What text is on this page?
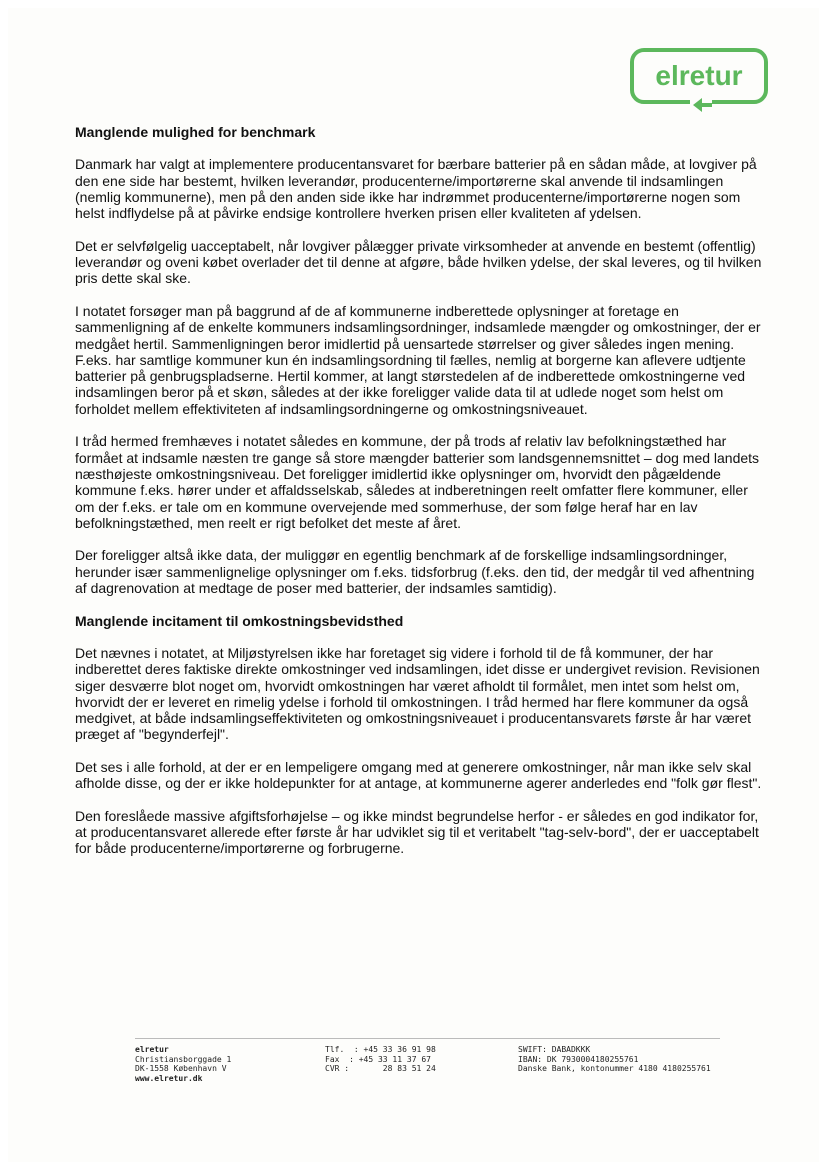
elretur
Manglende mulighed for benchmark

Danmark har valgt at implementere producentansvaret for bærbare batterier på en sådan måde, at lovgiver på den ene side har bestemt, hvilken leverandør, producenterne/importørerne skal anvende til indsamlingen (nemlig kommunerne), men på den anden side ikke har indrømmet producenterne/importørerne nogen som helst indflydelse på at påvirke endsige kontrollere hverken prisen eller kvaliteten af ydelsen.

Det er selvfølgelig uacceptabelt, når lovgiver pålægger private virksomheder at anvende en bestemt (offentlig) leverandør og oveni købet overlader det til denne at afgøre, både hvilken ydelse, der skal leveres, og til hvilken pris dette skal ske.

I notatet forsøger man på baggrund af de af kommunerne indberettede oplysninger at foretage en sammenligning af de enkelte kommuners indsamlingsordninger, indsamlede mængder og omkostninger, der er medgået hertil. Sammenligningen beror imidlertid på uensartede størrelser og giver således ingen mening. F.eks. har samtlige kommuner kun én indsamlingsordning til fælles, nemlig at borgerne kan aflevere udtjente batterier på genbrugspladserne. Hertil kommer, at langt størstedelen af de indberettede omkostningerne ved indsamlingen beror på et skøn, således at der ikke foreligger valide data til at udlede noget som helst om forholdet mellem effektiviteten af indsamlingsordningerne og omkostningsniveauet.

I tråd hermed fremhæves i notatet således en kommune, der på trods af relativ lav befolkningstæthed har formået at indsamle næsten tre gange så store mængder batterier som landsgennemsnittet – dog med landets næsthøjeste omkostningsniveau. Det foreligger imidlertid ikke oplysninger om, hvorvidt den pågældende kommune f.eks. hører under et affaldsselskab, således at indberetningen reelt omfatter flere kommuner, eller om der f.eks. er tale om en kommune overvejende med sommerhuse, der som følge heraf har en lav befolkningstæthed, men reelt er rigt befolket det meste af året.

Der foreligger altså ikke data, der muliggør en egentlig benchmark af de forskellige indsamlingsordninger, herunder især sammenlignelige oplysninger om f.eks. tidsforbrug (f.eks. den tid, der medgår til ved afhentning af dagrenovation at medtage de poser med batterier, der indsamles samtidig).

Manglende incitament til omkostningsbevidsthed

Det nævnes i notatet, at Miljøstyrelsen ikke har foretaget sig videre i forhold til de få kommuner, der har indberettet deres faktiske direkte omkostninger ved indsamlingen, idet disse er undergivet revision. Revisionen siger desværre blot noget om, hvorvidt omkostningen har været afholdt til formålet, men intet som helst om, hvorvidt der er leveret en rimelig ydelse i forhold til omkostningen. I tråd hermed har flere kommuner da også medgivet, at både indsamlingseffektiviteten og omkostningsniveauet i producentansvarets første år har været præget af "begynderfejl".

Det ses i alle forhold, at der er en lempeligere omgang med at generere omkostninger, når man ikke selv skal afholde disse, og der er ikke holdepunkter for at antage, at kommunerne agerer anderledes end "folk gør flest".

Den foreslåede massive afgiftsforhøjelse – og ikke mindst begrundelse herfor - er således en god indikator for, at producentansvaret allerede efter første år har udviklet sig til et veritabelt "tag-selv-bord", der er uacceptabelt for både producenterne/importørerne og forbrugerne.

elretur
Christiansborggade 1
DK-1558 København V
www.elretur.dk
Tlf.  : +45 33 36 91 98
Fax  : +45 33 11 37 67
CVR :       28 83 51 24
SWIFT: DABADKKK
IBAN: DK 7930004180255761
Danske Bank, kontonummer 4180 4180255761
